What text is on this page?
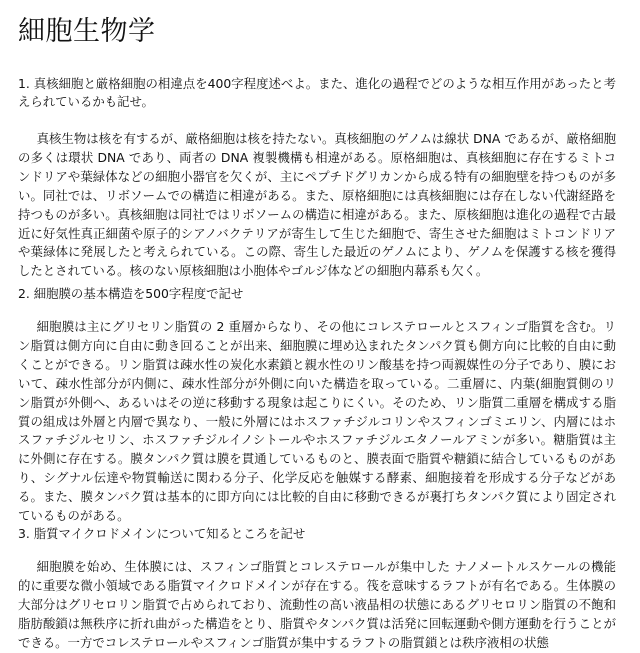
細胞生物学

1. 真核細胞と厳格細胞の相違点を400字程度述べよ。また、進化の過程でどのような相互作用があったと考えられているかも記せ。

真核生物は核を有するが、厳格細胞は核を持たない。真核細胞のゲノムは線状 DNA であるが、厳格細胞の多くは環状 DNA であり、両者の DNA 複製機構も相違がある。原格細胞は、真核細胞に存在するミトコンドリアや葉緑体などの細胞小器官を欠くが、主にペプチドグリカンから成る特有の細胞壁を持つものが多い。同社では、リボソームでの構造に相違がある。また、原格細胞には真核細胞には存在しない代謝経路を持つものが多い。真核細胞は同社ではリボソームの構造に相違がある。また、原核細胞は進化の過程で古最近に好気性真正細菌や原子的シアノバクテリアが寄生して生じた細胞で、寄生させた細胞はミトコンドリアや葉緑体に発展したと考えられている。この際、寄生した最近のゲノムにより、ゲノムを保護する核を獲得したとされている。核のない原核細胞は小胞体やゴルジ体などの細胞内幕系も欠く。

2. 細胞膜の基本構造を500字程度で記せ

細胞膜は主にグリセリン脂質の 2 重層からなり、その他にコレステロールとスフィンゴ脂質を含む。リン脂質は側方向に自由に動き回ることが出来、細胞膜に埋め込まれたタンパク質も側方向に比較的自由に動くことができる。リン脂質は疎水性の炭化水素鎖と親水性のリン酸基を持つ両親媒性の分子であり、膜において、疎水性部分が内側に、疎水性部分が外側に向いた構造を取っている。二重層に、内葉(細胞質側のリン脂質が外側へ、あるいはその逆に移動する現象は起こりにくい。そのため、リン脂質二重層を構成する脂質の組成は外層と内層で異なり、一般に外層にはホスファチジルコリンやスフィンゴミエリン、内層にはホスファチジルセリン、ホスファチジルイノシトールやホスファチジルエタノールアミンが多い。糖脂質は主に外側に存在する。膜タンパク質は膜を貫通しているものと、膜表面で脂質や糖鎖に結合しているものがあり、シグナル伝達や物質輸送に関わる分子、化学反応を触媒する酵素、細胞接着を形成する分子などがある。また、膜タンパク質は基本的に即方向には比較的自由に移動できるが裏打ちタンパク質により固定されているものがある。

3. 脂質マイクロドメインについて知るところを記せ

細胞膜を始め、生体膜には、スフィンゴ脂質とコレステロールが集中した ナノメートルスケールの機能的に重要な微小領域である脂質マイクロドメインが存在する。筏を意味するラフトが有名である。生体膜の大部分はグリセロリン脂質で占められており、流動性の高い液晶相の状態にあるグリセロリン脂質の不飽和脂肪酸鎖は無秩序に折れ曲がった構造をとり、脂質やタンパク質は活発に回転運動や側方運動を行うことができる。一方でコレステロールやスフィンゴ脂質が集中するラフトの脂質鎖とは秩序液相の状態
